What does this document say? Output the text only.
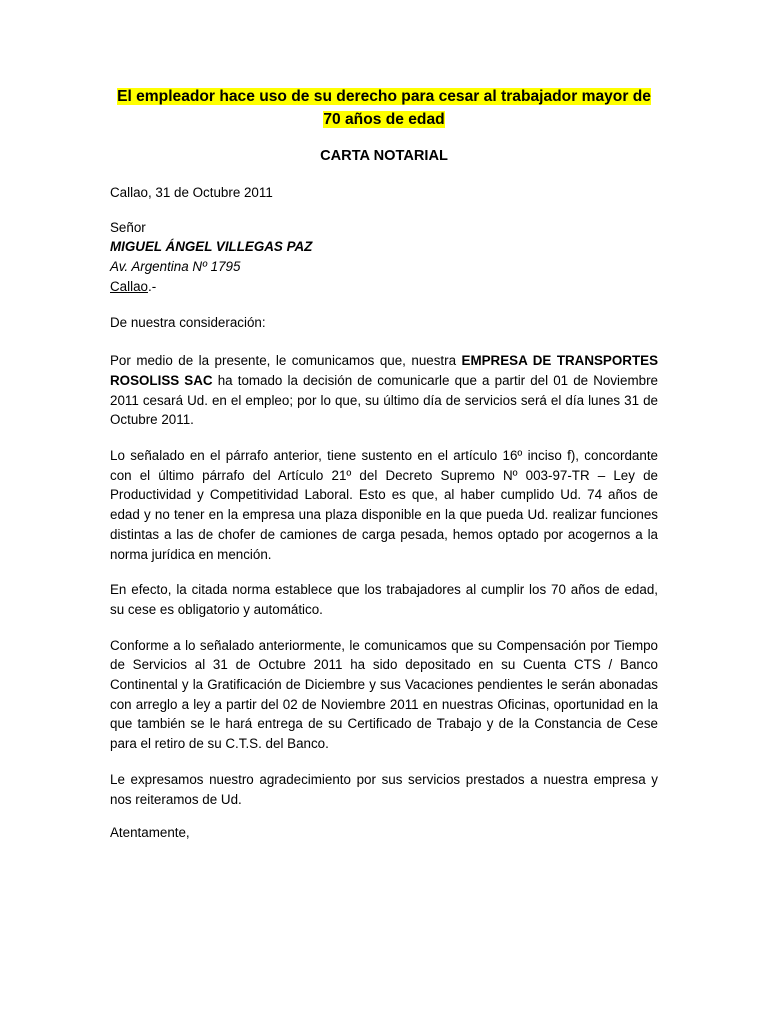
El empleador hace uso de su derecho para cesar al trabajador mayor de
70 años de edad

CARTA NOTARIAL

Callao, 31 de Octubre 2011

Señor
MIGUEL ÁNGEL VILLEGAS PAZ
Av. Argentina Nº 1795
Callao.-

De nuestra consideración:

Por medio de la presente, le comunicamos que, nuestra EMPRESA DE TRANSPORTES ROSOLISS SAC ha tomado la decisión de comunicarle que a partir del 01 de Noviembre 2011 cesará Ud. en el empleo; por lo que, su último día de servicios será el día lunes 31 de Octubre 2011.

Lo señalado en el párrafo anterior, tiene sustento en el artículo 16º inciso f), concordante con el último párrafo del Artículo 21º del Decreto Supremo Nº 003-97-TR – Ley de Productividad y Competitividad Laboral. Esto es que, al haber cumplido Ud. 74 años de edad y no tener en la empresa una plaza disponible en la que pueda Ud. realizar funciones distintas a las de chofer de camiones de carga pesada, hemos optado por acogernos a la norma jurídica en mención.

En efecto, la citada norma establece que los trabajadores al cumplir los 70 años de edad, su cese es obligatorio y automático.

Conforme a lo señalado anteriormente, le comunicamos que su Compensación por Tiempo de Servicios al 31 de Octubre 2011 ha sido depositado en su Cuenta CTS / Banco Continental y la Gratificación de Diciembre y sus Vacaciones pendientes le serán abonadas con arreglo a ley a partir del 02 de Noviembre 2011 en nuestras Oficinas, oportunidad en la que también se le hará entrega de su Certificado de Trabajo y de la Constancia de Cese para el retiro de su C.T.S. del Banco.

Le expresamos nuestro agradecimiento por sus servicios prestados a nuestra empresa y nos reiteramos de Ud.

Atentamente,
